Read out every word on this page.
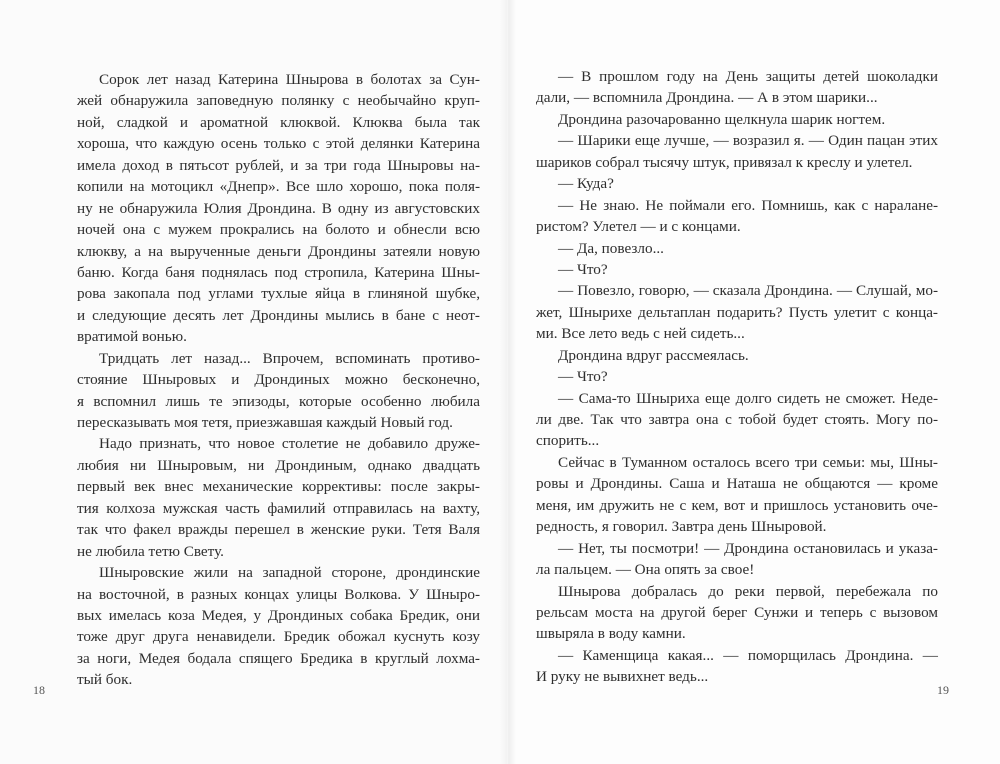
Сорок лет назад Катерина Шнырова в болотах за Сун-
жей обнаружила заповедную полянку с необычайно круп-
ной, сладкой и ароматной клюквой. Клюква была так
хороша, что каждую осень только с этой делянки Катерина
имела доход в пятьсот рублей, и за три года Шныровы на-
копили на мотоцикл «Днепр». Все шло хорошо, пока поля-
ну не обнаружила Юлия Дрондина. В одну из августовских
ночей она с мужем прокрались на болото и обнесли всю
клюкву, а на вырученные деньги Дрондины затеяли новую
баню. Когда баня поднялась под стропила, Катерина Шны-
рова закопала под углами тухлые яйца в глиняной шубке,
и следующие десять лет Дрондины мылись в бане с неот-
вратимой вонью.
Тридцать лет назад... Впрочем, вспоминать противо-
стояние Шныровых и Дрондиных можно бесконечно,
я вспомнил лишь те эпизоды, которые особенно любила
пересказывать моя тетя, приезжавшая каждый Новый год.
Надо признать, что новое столетие не добавило друже-
любия ни Шныровым, ни Дрондиным, однако двадцать
первый век внес механические коррективы: после закры-
тия колхоза мужская часть фамилий отправилась на вахту,
так что факел вражды перешел в женские руки. Тетя Валя
не любила тетю Свету.
Шныровские жили на западной стороне, дрондинские
на восточной, в разных концах улицы Волкова. У Шныро-
вых имелась коза Медея, у Дрондиных собака Бредик, они
тоже друг друга ненавидели. Бредик обожал куснуть козу
за ноги, Медея бодала спящего Бредика в круглый лохма-
тый бок.
— В прошлом году на День защиты детей шоколадки
дали, — вспомнила Дрондина. — А в этом шарики...
Дрондина разочарованно щелкнула шарик ногтем.
— Шарики еще лучше, — возразил я. — Один пацан этих
шариков собрал тысячу штук, привязал к креслу и улетел.
— Куда?
— Не знаю. Не поймали его. Помнишь, как с наралане-
ристом? Улетел — и с концами.
— Да, повезло...
— Что?
— Повезло, говорю, — сказала Дрондина. — Слушай, мо-
жет, Шнырихе дельтаплан подарить? Пусть улетит с конца-
ми. Все лето ведь с ней сидеть...
Дрондина вдруг рассмеялась.
— Что?
— Сама-то Шныриха еще долго сидеть не сможет. Неде-
ли две. Так что завтра она с тобой будет стоять. Могу по-
спорить...
Сейчас в Туманном осталось всего три семьи: мы, Шны-
ровы и Дрондины. Саша и Наташа не общаются — кроме
меня, им дружить не с кем, вот и пришлось установить оче-
редность, я говорил. Завтра день Шныровой.
— Нет, ты посмотри! — Дрондина остановилась и указа-
ла пальцем. — Она опять за свое!
Шнырова добралась до реки первой, перебежала по
рельсам моста на другой берег Сунжи и теперь с вызовом
швыряла в воду камни.
— Каменщица какая... — поморщилась Дрондина. —
И руку не вывихнет ведь...
18	19
